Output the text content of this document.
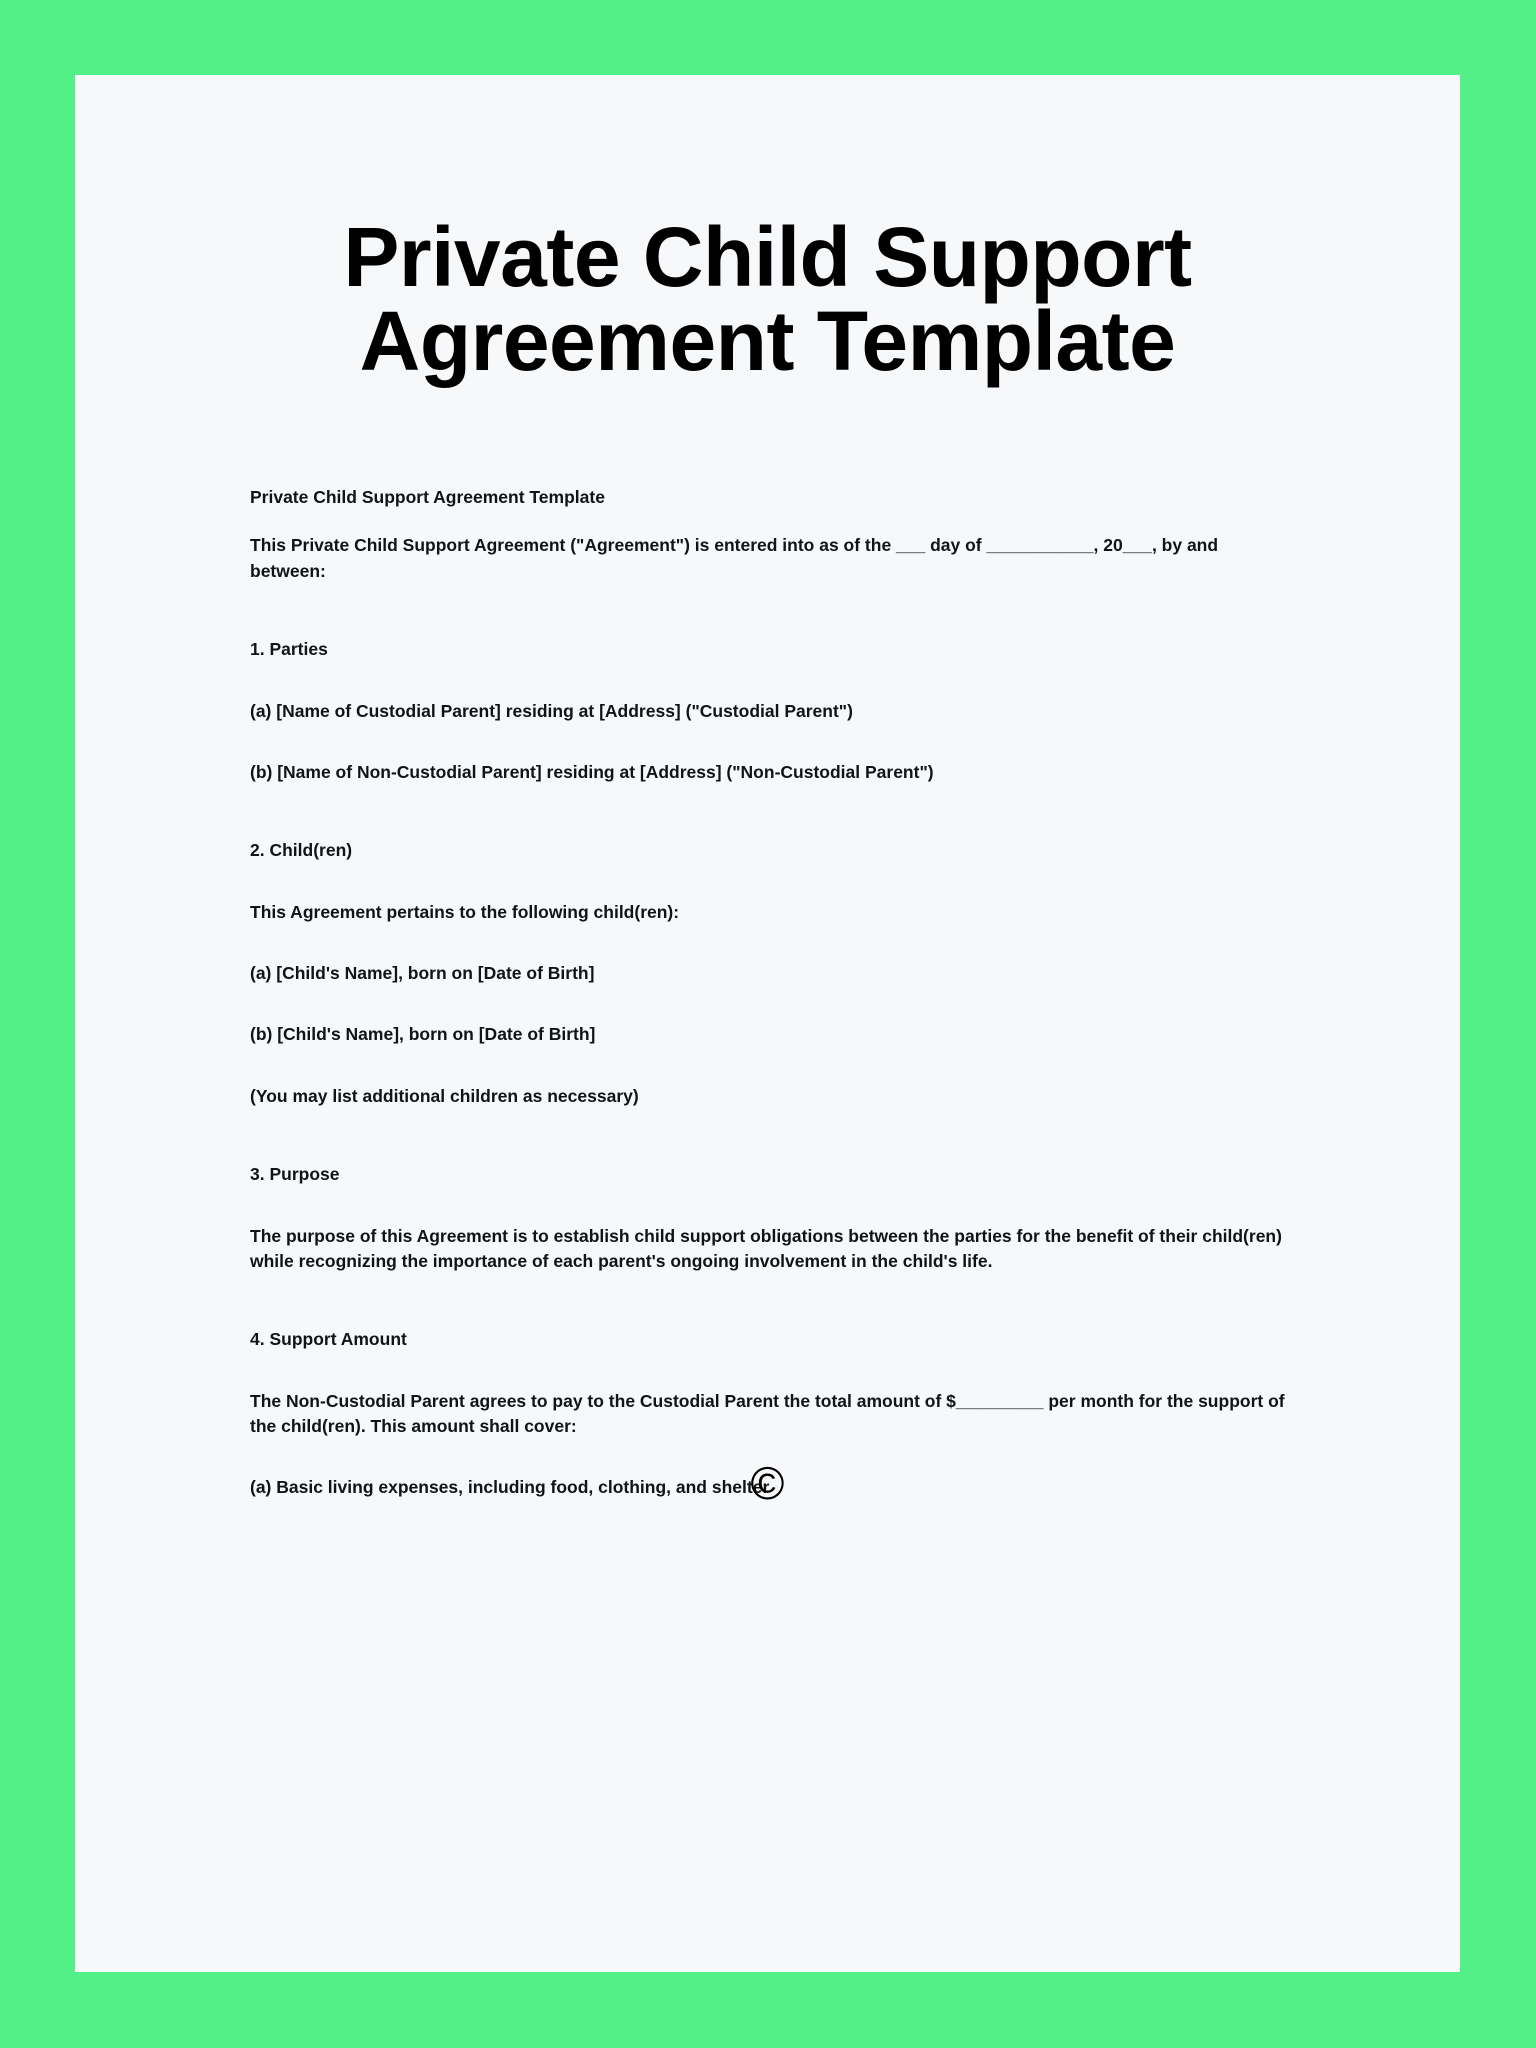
Private Child Support Agreement Template

Private Child Support Agreement Template

This Private Child Support Agreement ("Agreement") is entered into as of the ___ day of ___________, 20___, by and between:

1. Parties

(a) [Name of Custodial Parent] residing at [Address] ("Custodial Parent")

(b) [Name of Non-Custodial Parent] residing at [Address] ("Non-Custodial Parent")

2. Child(ren)

This Agreement pertains to the following child(ren):

(a) [Child's Name], born on [Date of Birth]

(b) [Child's Name], born on [Date of Birth]

(You may list additional children as necessary)

3. Purpose

The purpose of this Agreement is to establish child support obligations between the parties for the benefit of their child(ren) while recognizing the importance of each parent's ongoing involvement in the child's life.

4. Support Amount

The Non-Custodial Parent agrees to pay to the Custodial Parent the total amount of $_________ per month for the support of the child(ren). This amount shall cover:

(a) Basic living expenses, including food, clothing, and shelter

©
